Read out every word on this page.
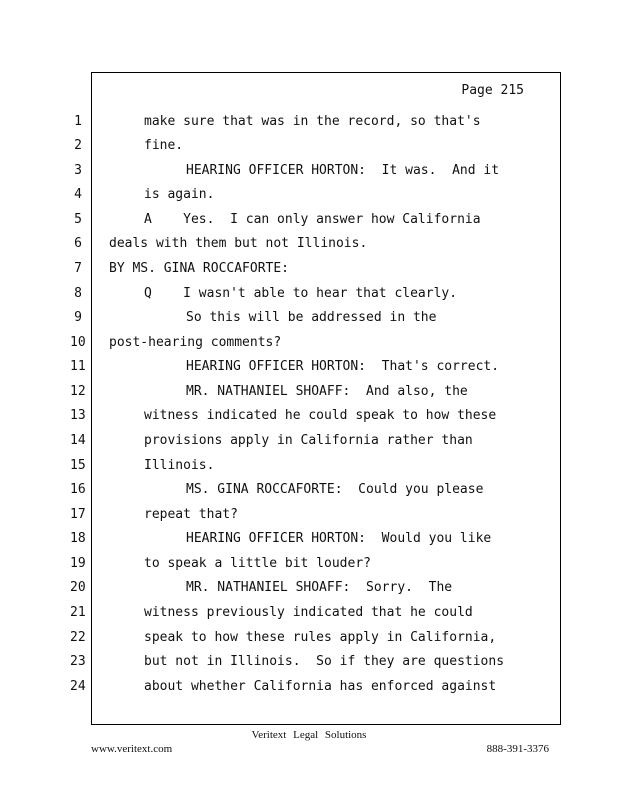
Page 215
1
2
3
4
5
6
7
8
9
10
11
12
13
14
15
16
17
18
19
20
21
22
23
24
make sure that was in the record, so that's
fine.
HEARING OFFICER HORTON:  It was.  And it
is again.
A    Yes.  I can only answer how California
deals with them but not Illinois.
BY MS. GINA ROCCAFORTE:
Q    I wasn't able to hear that clearly.
So this will be addressed in the
post-hearing comments?
HEARING OFFICER HORTON:  That's correct.
MR. NATHANIEL SHOAFF:  And also, the
witness indicated he could speak to how these
provisions apply in California rather than
Illinois.
MS. GINA ROCCAFORTE:  Could you please
repeat that?
HEARING OFFICER HORTON:  Would you like
to speak a little bit louder?
MR. NATHANIEL SHOAFF:  Sorry.  The
witness previously indicated that he could
speak to how these rules apply in California,
but not in Illinois.  So if they are questions
about whether California has enforced against
Veritext Legal Solutions
www.veritext.com	888-391-3376
